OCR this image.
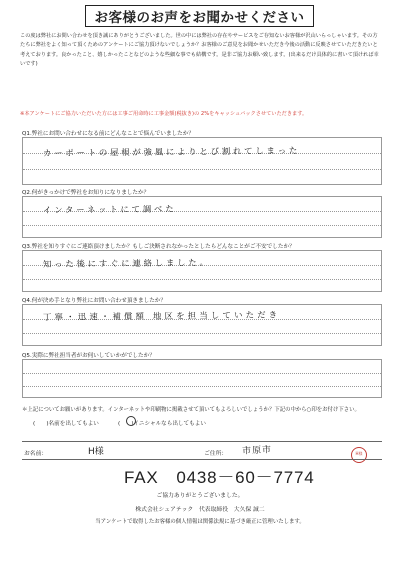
お客様のお声をお聞かせください
この度は弊社にお問い合わせを頂き誠にありがとうございました。世の中には弊社の存在やサービスをご存知ないお客様が沢山いらっしゃいます。その方たちに弊社をよく知って頂くためのアンケートにご協力頂けないでしょうか？お客様のご意見をお聞かせいただき今後の活動に反映させていただきたいと考えております。良かったこと、嬉しかったことなどのような些細な事でも結構です。是非ご協力お願い致します。(出来るだけ具体的に書いて頂ければ幸いです)
※本アンケートにご協力いただいた方には工事ご用命時に工事金額(税抜き)の 2%をキャッシュバックさせていただきます。
Q1.弊社にお問い合わせになる前にどんなことで悩んでいましたか？
カーポートの屋根が強風によりとび割れてしまった
Q2.何がきっかけで弊社をお知りになりましたか？
インターネットにて調べた
Q3.弊社を知りすぐにご連絡頂けましたか？もしご決断されなかったとしたらどんなことがご不安でしたか？
知った後にすぐに連絡しました。
Q4.何が決め手となり弊社にお問い合わせ頂きましたか？
丁寧・迅速・補償額 地区を担当していただき
Q5.実際に弊社担当者がお伺いしていかがでしたか？
＊上記についてお願いがあります。インターネットや印刷物に掲載させて頂いてもよろしいでしょうか？下記の中から○印をお付け下さい。
(　　)名前を出してもよい	(　　)イニシャルなら出してもよい
お名前：	H様	ご住所： 市原市	H様
FAX　0438－60－7774
ご協力ありがとうございました。
株式会社シェアテック　代表取締役　大久保 誠二
当アンケートで取得したお客様の個人情報は関係法規に基づき厳正に管理いたします。
